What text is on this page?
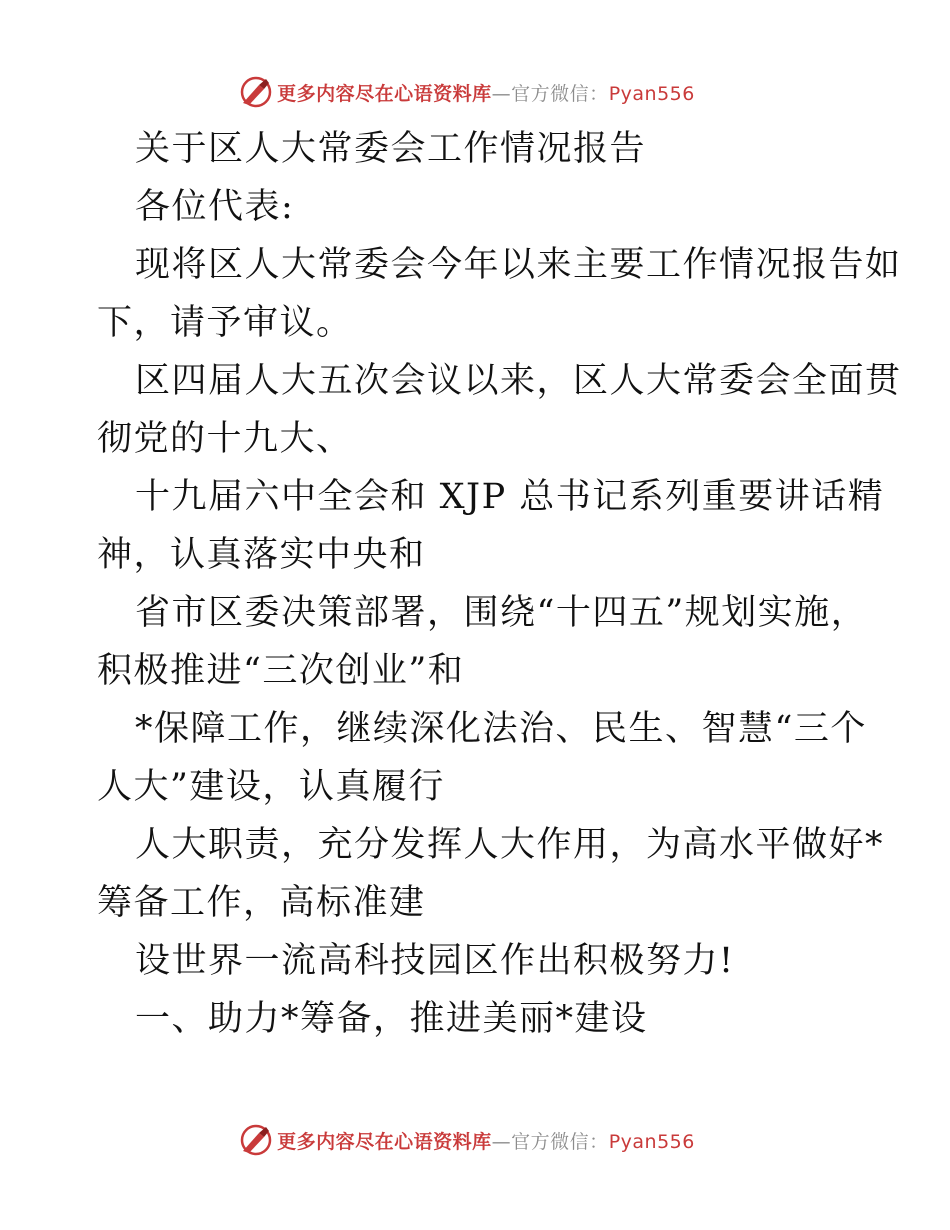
更多内容尽在心语资料库—官方微信：Pyan556

关于区人大常委会工作情况报告

各位代表:

现将区人大常委会今年以来主要工作情况报告如

下，请予审议。

区四届人大五次会议以来，区人大常委会全面贯

彻党的十九大、

十九届六中全会和 XJP 总书记系列重要讲话精

神，认真落实中央和

省市区委决策部署，围绕“十四五”规划实施，

积极推进“三次创业”和

*保障工作，继续深化法治、民生、智慧“三个

人大”建设，认真履行

人大职责，充分发挥人大作用，为高水平做好*

筹备工作，高标准建

设世界一流高科技园区作出积极努力!

一、助力*筹备，推进美丽*建设

更多内容尽在心语资料库—官方微信：Pyan556
